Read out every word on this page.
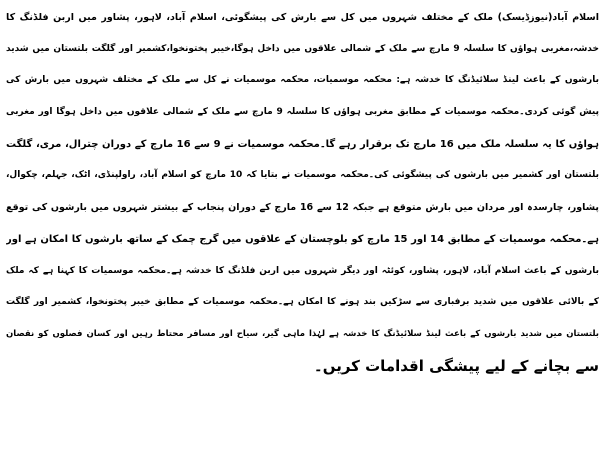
اسلام آباد(نیوزڈیسک) ملک کے مختلف شہروں میں کل سے بارش کی پیشگوئی، اسلام آباد، لاہور، پشاور میں اربن فلڈنگ کا
خدشہ،مغربی ہواؤں کا سلسلہ 9 مارچ سے ملک کے شمالی علاقوں میں داخل ہوگا،خیبر پختونخوا،کشمیر اور گلگت بلتستان میں شدید
بارشوں کے باعث لینڈ سلائیڈنگ کا خدشہ ہے: محکمہ موسمیات، محکمہ موسمیات نے کل سے ملک کے مختلف شہروں میں بارش کی
پیش گوئی کردی۔محکمہ موسمیات کے مطابق مغربی ہواؤں کا سلسلہ 9 مارچ سے ملک کے شمالی علاقوں میں داخل ہوگا اور مغربی
ہواؤں کا یہ سلسلہ ملک میں 16 مارچ تک برقرار رہے گا۔محکمہ موسمیات نے 9 سے 16 مارچ کے دوران چترال، مری، گلگت
بلتستان اور کشمیر میں بارشوں کی پیشگوئی کی۔محکمہ موسمیات نے بتایا کہ 10 مارچ کو اسلام آباد، راولپنڈی، اٹک، جہلم، چکوال،
پشاور، چارسدہ اور مردان میں بارش متوقع ہے جبکہ 12 سے 16 مارچ کے دوران پنجاب کے بیشتر شہروں میں بارشوں کی توقع
ہے۔محکمہ موسمیات کے مطابق 14 اور 15 مارچ کو بلوچستان کے علاقوں میں گرج چمک کے ساتھ بارشوں کا امکان ہے اور
بارشوں کے باعث اسلام آباد، لاہور، پشاور، کوئٹہ اور دیگر شہروں میں اربن فلڈنگ کا خدشہ ہے۔محکمہ موسمیات کا کہنا ہے کہ ملک
کے بالائی علاقوں میں شدید برفباری سے سڑکیں بند ہونے کا امکان ہے۔محکمہ موسمیات کے مطابق خیبر پختونخوا، کشمیر اور گلگت
بلتستان میں شدید بارشوں کے باعث لینڈ سلائیڈنگ کا خدشہ ہے لہٰذا ماہی گیر، سیاح اور مسافر محتاط رہیں اور کسان فصلوں کو نقصان
سے بچانے کے لیے پیشگی اقدامات کریں۔
